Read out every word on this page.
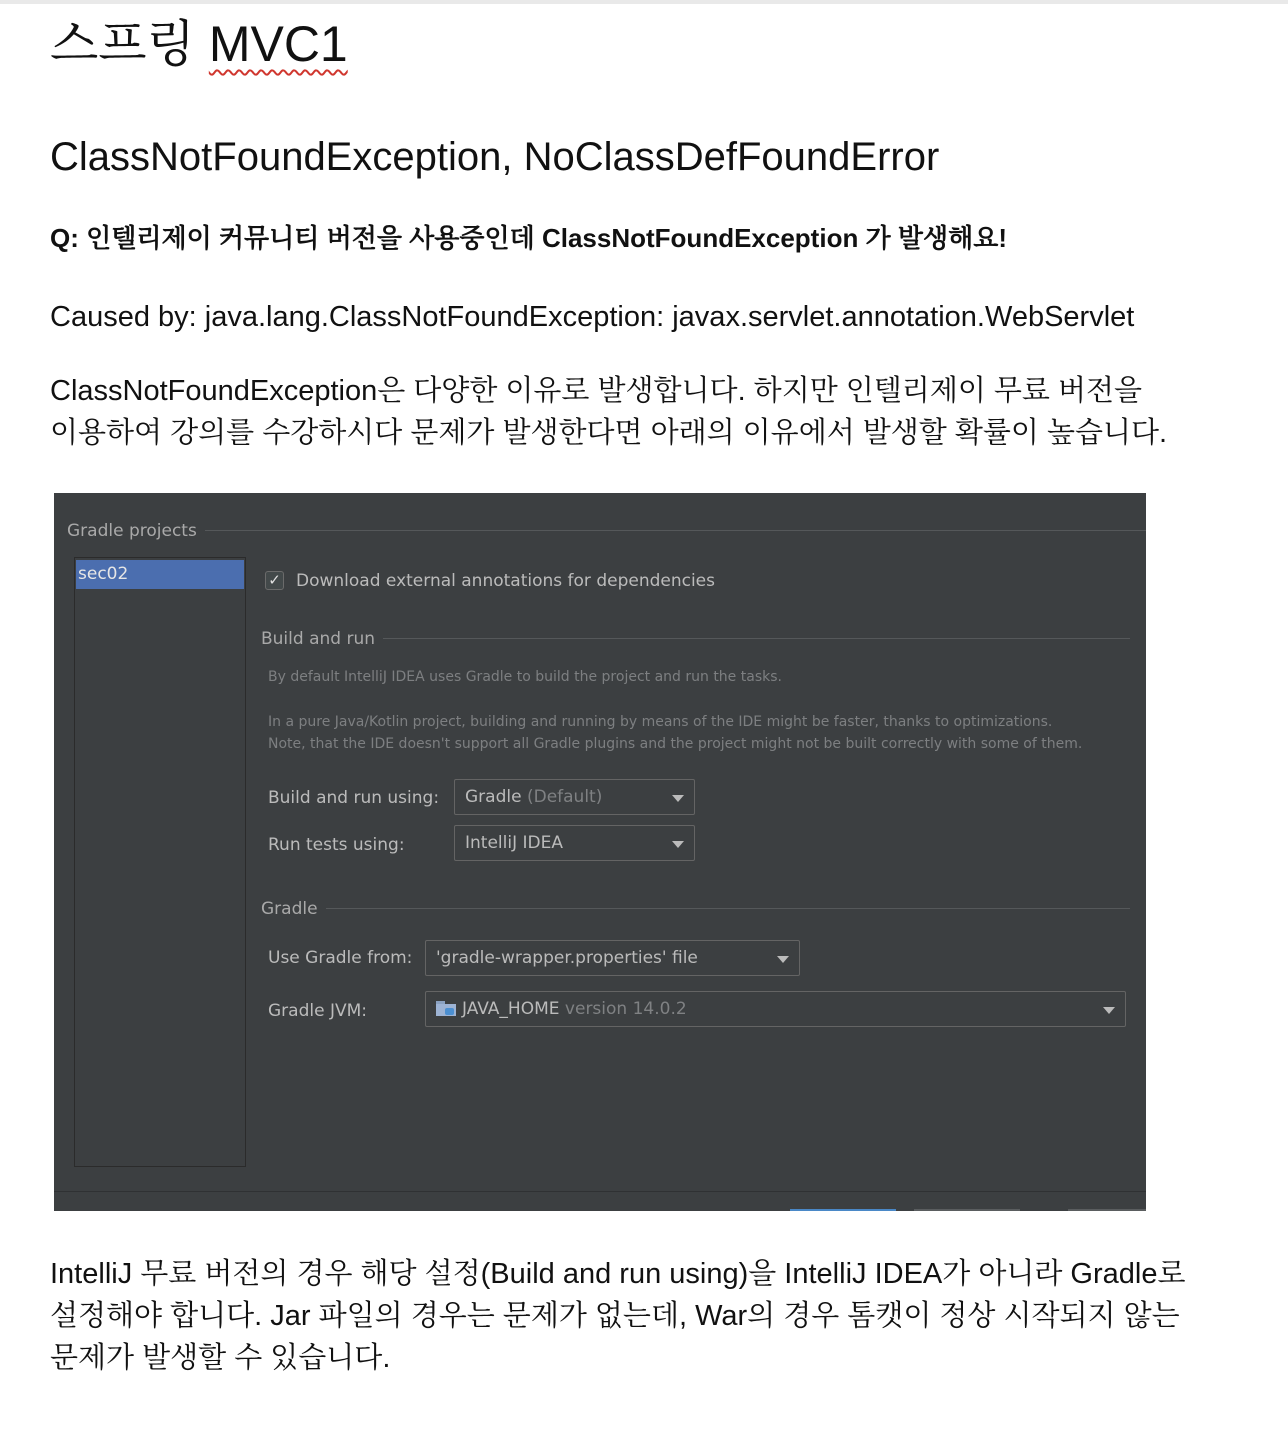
스프링 MVC1
ClassNotFoundException, NoClassDefFoundError

Q: 인텔리제이 커뮤니티 버전을 사용중인데 ClassNotFoundException 가 발생해요!

Caused by: java.lang.ClassNotFoundException: javax.servlet.annotation.WebServlet

ClassNotFoundException은 다양한 이유로 발생합니다. 하지만 인텔리제이 무료 버전을
이용하여 강의를 수강하시다 문제가 발생한다면 아래의 이유에서 발생할 확률이 높습니다.

Gradle projects
sec02	✓ Download external annotations for dependencies
Build and run
By default IntelliJ IDEA uses Gradle to build the project and run the tasks.
In a pure Java/Kotlin project, building and running by means of the IDE might be faster, thanks to optimizations.
Note, that the IDE doesn't support all Gradle plugins and the project might not be built correctly with some of them.
Build and run using:	Gradle (Default)
Run tests using:	IntelliJ IDEA
Gradle
Use Gradle from:	'gradle-wrapper.properties' file
Gradle JVM:	JAVA_HOME version 14.0.2

IntelliJ 무료 버전의 경우 해당 설정(Build and run using)을 IntelliJ IDEA가 아니라 Gradle로
설정해야 합니다. Jar 파일의 경우는 문제가 없는데, War의 경우 톰캣이 정상 시작되지 않는
문제가 발생할 수 있습니다.
